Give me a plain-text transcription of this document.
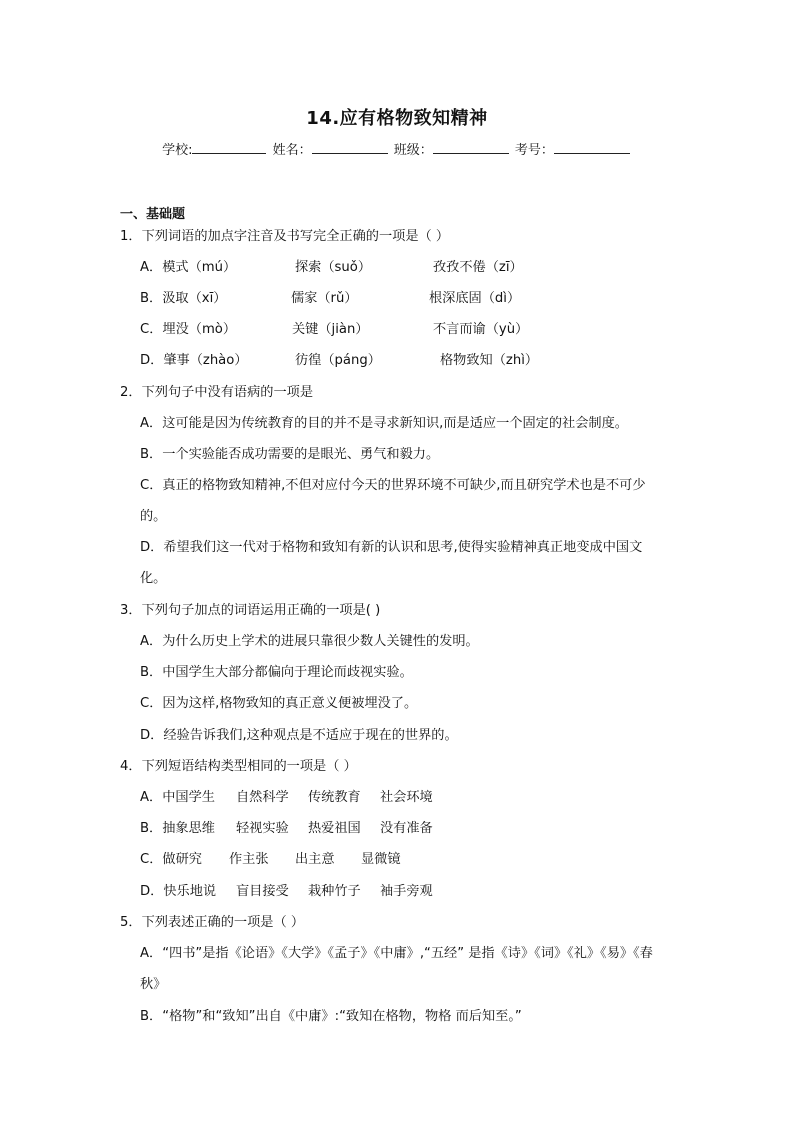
14.应有格物致知精神
学校:	姓名：	班级：	考号：
一、基础题
1．下列词语的加点字注音及书写完全正确的一项是（ ）
A．模式（mú）	探索（suǒ）	孜孜不倦（zī）
B．汲取（xī）	儒家（rǔ）	根深底固（dì）
C．埋没（mò）	关键（jiàn）	不言而谕（yù）
D．肇事（zhào）	彷徨（páng）	格物致知（zhì）
2．下列句子中没有语病的一项是
A．这可能是因为传统教育的目的并不是寻求新知识,而是适应一个固定的社会制度。
B．一个实验能否成功需要的是眼光、勇气和毅力。
C．真正的格物致知精神,不但对应付今天的世界环境不可缺少,而且研究学术也是不可少
的。
D．希望我们这一代对于格物和致知有新的认识和思考,使得实验精神真正地变成中国文
化。
3．下列句子加点的词语运用正确的一项是( )
A．为什么历史上学术的进展只靠很少数人关键性的发明。
B．中国学生大部分都偏向于理论而歧视实验。
C．因为这样,格物致知的真正意义便被埋没了。
D．经验告诉我们,这种观点是不适应于现在的世界的。
4．下列短语结构类型相同的一项是（ ）
A．中国学生 自然科学 传统教育 社会环境
B．抽象思维 轻视实验 热爱祖国 没有准备
C．做研究 作主张 出主意 显微镜
D．快乐地说 盲目接受 栽种竹子 袖手旁观
5．下列表述正确的一项是（ ）
A．“四书”是指《论语》《大学》《孟子》《中庸》,“五经” 是指《诗》《词》《礼》《易》《春
秋》
B．“格物”和“致知”出自《中庸》:“致知在格物，物格 而后知至。”
